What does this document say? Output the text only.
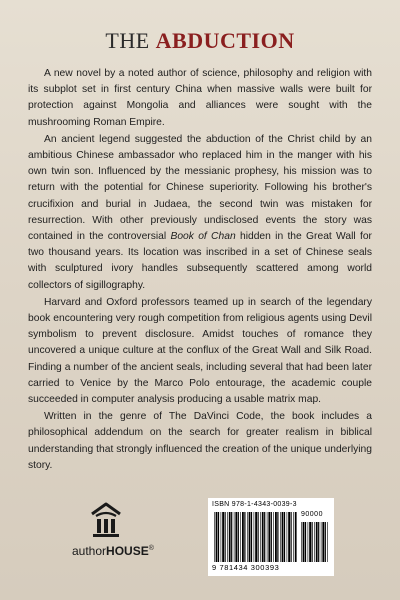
THE ABDUCTION

A new novel by a noted author of science, philosophy and religion with its subplot set in first century China when massive walls were built for protection against Mongolia and alliances were sought with the mushrooming Roman Empire.

An ancient legend suggested the abduction of the Christ child by an ambitious Chinese ambassador who replaced him in the manger with his own twin son. Influenced by the messianic prophesy, his mission was to return with the potential for Chinese superiority. Following his brother's crucifixion and burial in Judaea, the second twin was mistaken for resurrection. With other previously undisclosed events the story was contained in the controversial Book of Chan hidden in the Great Wall for two thousand years. Its location was inscribed in a set of Chinese seals with sculptured ivory handles subsequently scattered among world collectors of sigillography.

Harvard and Oxford professors teamed up in search of the legendary book encountering very rough competition from religious agents using Devil symbolism to prevent disclosure. Amidst touches of romance they uncovered a unique culture at the conflux of the Great Wall and Silk Road. Finding a number of the ancient seals, including several that had been later carried to Venice by the Marco Polo entourage, the academic couple succeeded in computer analysis producing a usable matrix map.

Written in the genre of The DaVinci Code, the book includes a philosophical addendum on the search for greater realism in biblical understanding that strongly influenced the creation of the unique underlying story.

authorHOUSE®
ISBN 978-1-4343-0039-3
90000
9 781434 300393
